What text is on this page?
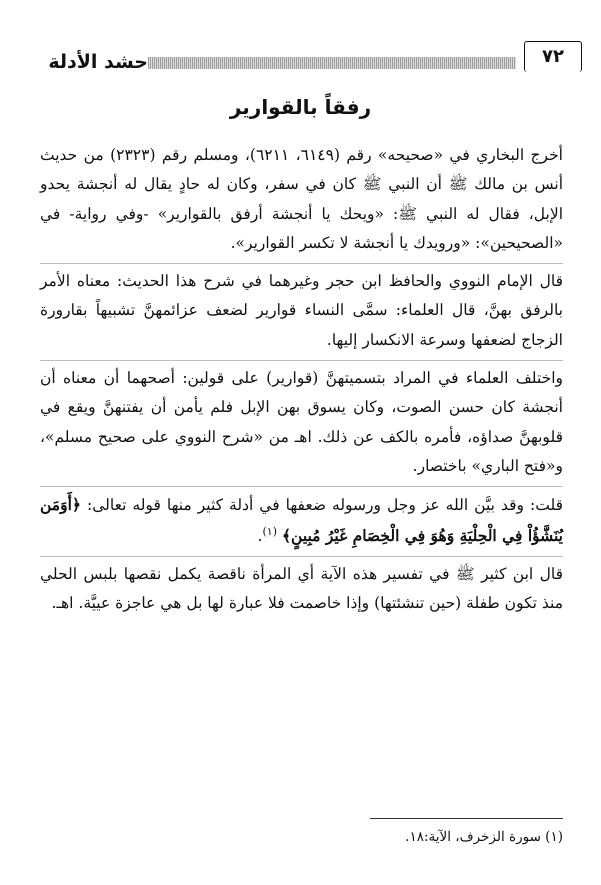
حشد الأدلة	٧٢
رفقاً بالقوارير

أخرج البخاري في «صحيحه» رقم (٦١٤٩، ٦٢١١)، ومسلم رقم (٢٣٢٣) من حديث أنس بن مالك ﷺ أن النبي ﷺ كان في سفر، وكان له حادٍ يقال له أنجشة يحدو الإبل، فقال له النبي ﷺ: «ويحك يا أنجشة أرفق بالقوارير» -وفي رواية- في «الصحيحين»: «ورويدك يا أنجشة لا تكسر القوارير».

قال الإمام النووي والحافظ ابن حجر وغيرهما في شرح هذا الحديث: معناه الأمر بالرفق بهنَّ، قال العلماء: سمَّى النساء قوارير لضعف عزائمهنَّ تشبيهاً بقارورة الزجاج لضعفها وسرعة الانكسار إليها.

واختلف العلماء في المراد بتسميتهنَّ (قوارير) على قولين: أصحهما أن معناه أن أنجشة كان حسن الصوت، وكان يسوق بهن الإبل فلم يأمن أن يفتنهنَّ ويقع في قلوبهنَّ صداؤه، فأمره بالكف عن ذلك. اهـ من «شرح النووي على صحيح مسلم»، و«فتح الباري» باختصار.

قلت: وقد بيَّن الله عز وجل ورسوله ضعفها في أدلة كثير منها قوله تعالى: ﴿أَوَمَن يُنَشَّؤُاْ فِي الْحِلْيَةِ وَهُوَ فِي الْخِصَامِ غَيْرُ مُبِينٍ﴾ $^{(١)}$.

قال ابن كثير ﷺ في تفسير هذه الآية أي المرأة ناقصة يكمل نقصها بلبس الحلي منذ تكون طفلة (حين تنشئتها) وإذا خاصمت فلا عبارة لها بل هي عاجزة عييَّة. اهـ.

(١) سورة الزخرف، الآية:١٨.
